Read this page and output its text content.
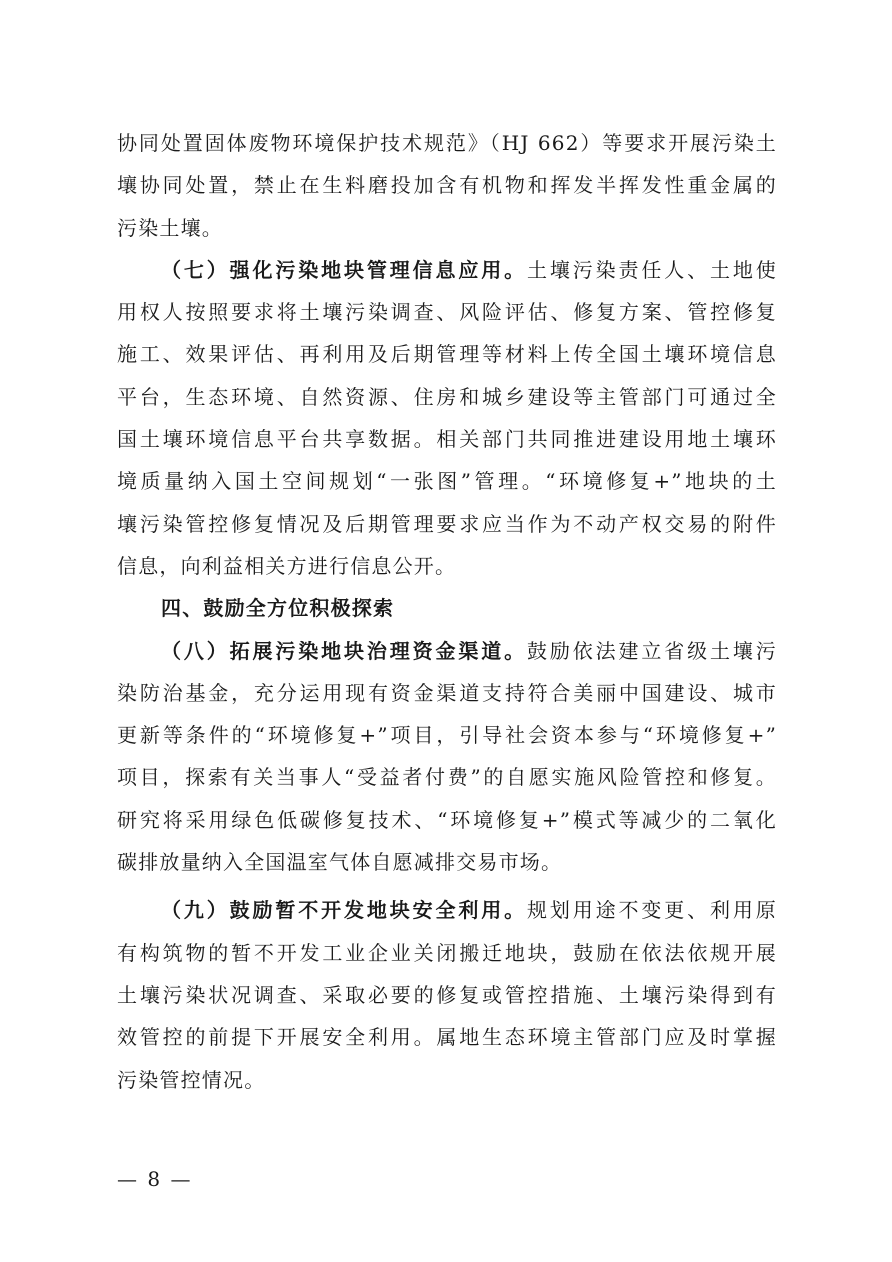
协同处置固体废物环境保护技术规范》（HJ 662）等要求开展污染土
壤协同处置，禁止在生料磨投加含有机物和挥发半挥发性重金属的
污染土壤。
（七）强化污染地块管理信息应用。土壤污染责任人、土地使
用权人按照要求将土壤污染调查、风险评估、修复方案、管控修复
施工、效果评估、再利用及后期管理等材料上传全国土壤环境信息
平台，生态环境、自然资源、住房和城乡建设等主管部门可通过全
国土壤环境信息平台共享数据。相关部门共同推进建设用地土壤环
境质量纳入国土空间规划“一张图”管理。“环境修复+”地块的土
壤污染管控修复情况及后期管理要求应当作为不动产权交易的附件
信息，向利益相关方进行信息公开。
四、鼓励全方位积极探索
（八）拓展污染地块治理资金渠道。鼓励依法建立省级土壤污
染防治基金，充分运用现有资金渠道支持符合美丽中国建设、城市
更新等条件的“环境修复+”项目，引导社会资本参与“环境修复+”
项目，探索有关当事人“受益者付费”的自愿实施风险管控和修复。
研究将采用绿色低碳修复技术、“环境修复+”模式等减少的二氧化
碳排放量纳入全国温室气体自愿减排交易市场。
（九）鼓励暂不开发地块安全利用。规划用途不变更、利用原
有构筑物的暂不开发工业企业关闭搬迁地块，鼓励在依法依规开展
土壤污染状况调查、采取必要的修复或管控措施、土壤污染得到有
效管控的前提下开展安全利用。属地生态环境主管部门应及时掌握
污染管控情况。
— 8 —
